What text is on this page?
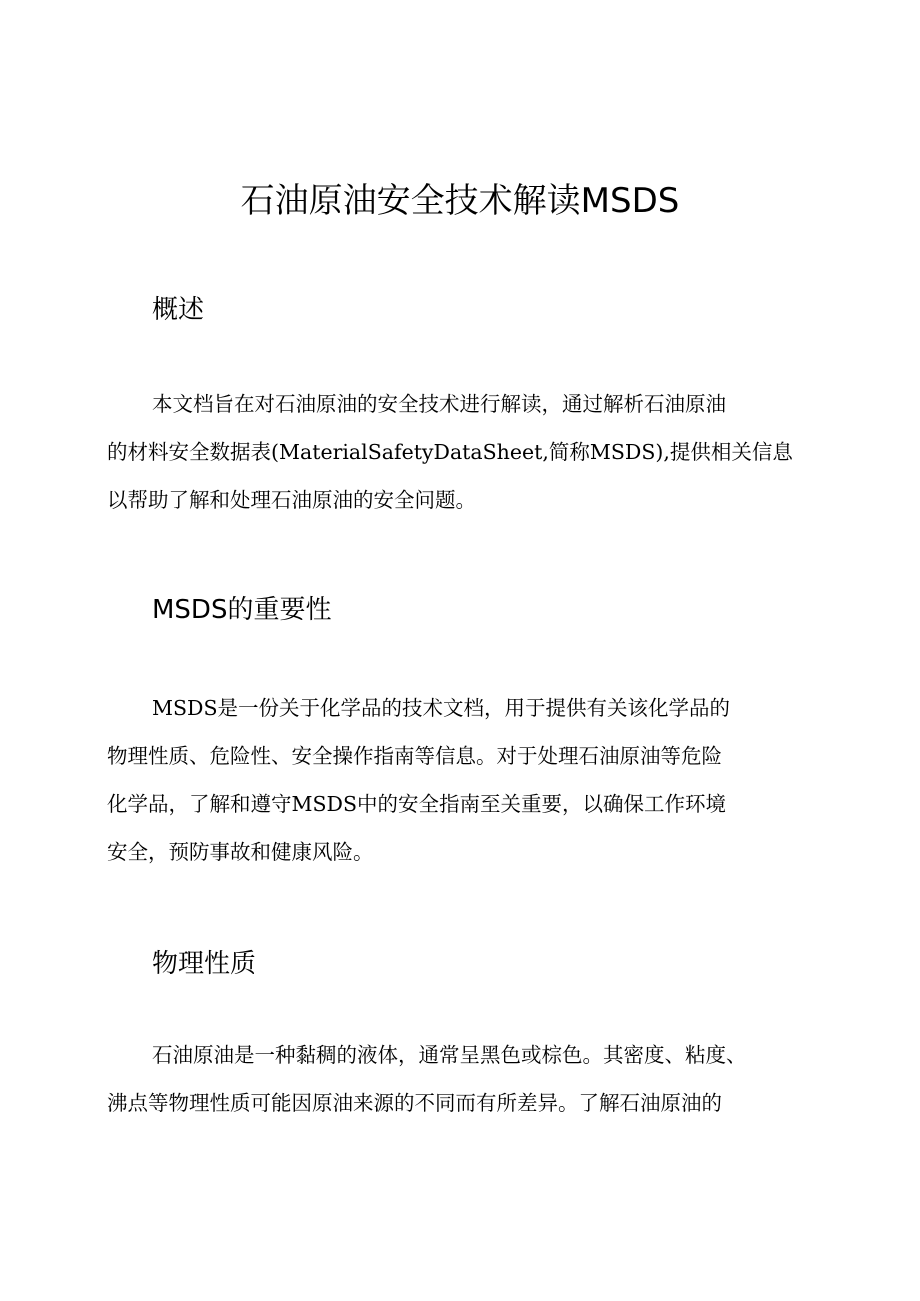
石油原油安全技术解读MSDS
概述
本文档旨在对石油原油的安全技术进行解读，通过解析石油原油
的材料安全数据表(MaterialSafetyDataSheet,简称MSDS),提供相关信息
以帮助了解和处理石油原油的安全问题。
MSDS的重要性
MSDS是一份关于化学品的技术文档，用于提供有关该化学品的
物理性质、危险性、安全操作指南等信息。对于处理石油原油等危险
化学品，了解和遵守MSDS中的安全指南至关重要，以确保工作环境
安全，预防事故和健康风险。
物理性质
石油原油是一种黏稠的液体，通常呈黑色或棕色。其密度、粘度、
沸点等物理性质可能因原油来源的不同而有所差异。了解石油原油的
